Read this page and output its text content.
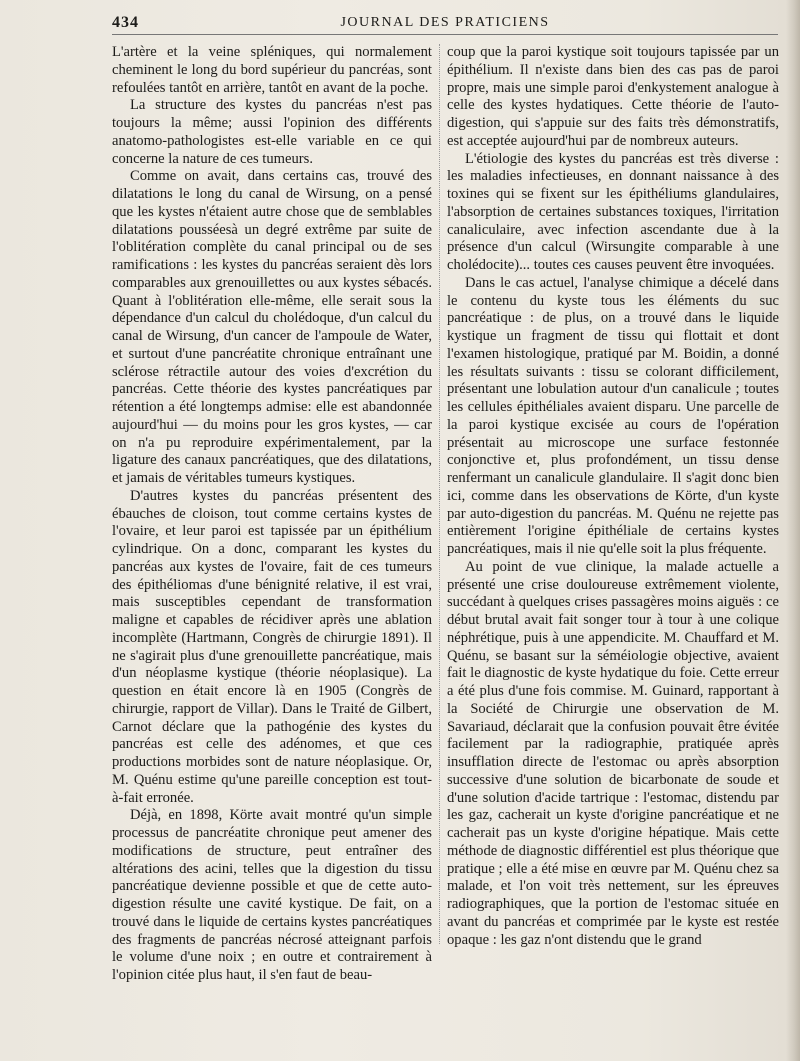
434	JOURNAL DES PRATICIENS

L'artère et la veine spléniques, qui normalement cheminent le long du bord supérieur du pancréas, sont refoulées tantôt en arrière, tantôt en avant de la poche.

La structure des kystes du pancréas n'est pas toujours la même; aussi l'opinion des différents anatomo-pathologistes est-elle variable en ce qui concerne la nature de ces tumeurs.

Comme on avait, dans certains cas, trouvé des dilatations le long du canal de Wirsung, on a pensé que les kystes n'étaient autre chose que de semblables dilatations pousséesà un degré extrême par suite de l'oblitération complète du canal principal ou de ses ramifications : les kystes du pancréas seraient dès lors comparables aux grenouillettes ou aux kystes sébacés. Quant à l'oblitération elle-même, elle serait sous la dépendance d'un calcul du cholédoque, d'un calcul du canal de Wirsung, d'un cancer de l'ampoule de Water, et surtout d'une pancréatite chronique entraînant une sclérose rétractile autour des voies d'excrétion du pancréas. Cette théorie des kystes pancréatiques par rétention a été longtemps admise: elle est abandonnée aujourd'hui — du moins pour les gros kystes, — car on n'a pu reproduire expérimentalement, par la ligature des canaux pancréatiques, que des dilatations, et jamais de véritables tumeurs kystiques.

D'autres kystes du pancréas présentent des ébauches de cloison, tout comme certains kystes de l'ovaire, et leur paroi est tapissée par un épithélium cylindrique. On a donc, comparant les kystes du pancréas aux kystes de l'ovaire, fait de ces tumeurs des épithéliomas d'une bénignité relative, il est vrai, mais susceptibles cependant de transformation maligne et capables de récidiver après une ablation incomplète (Hartmann, Congrès de chirurgie 1891). Il ne s'agirait plus d'une grenouillette pancréatique, mais d'un néoplasme kystique (théorie néoplasique). La question en était encore là en 1905 (Congrès de chirurgie, rapport de Villar). Dans le Traité de Gilbert, Carnot déclare que la pathogénie des kystes du pancréas est celle des adénomes, et que ces productions morbides sont de nature néoplasique. Or, M. Quénu estime qu'une pareille conception est tout-à-fait erronée.

Déjà, en 1898, Körte avait montré qu'un simple processus de pancréatite chronique peut amener des modifications de structure, peut entraîner des altérations des acini, telles que la digestion du tissu pancréatique devienne possible et que de cette auto-digestion résulte une cavité kystique. De fait, on a trouvé dans le liquide de certains kystes pancréatiques des fragments de pancréas nécrosé atteignant parfois le volume d'une noix ; en outre et contrairement à l'opinion citée plus haut, il s'en faut de beau-

coup que la paroi kystique soit toujours tapissée par un épithélium. Il n'existe dans bien des cas pas de paroi propre, mais une simple paroi d'enkystement analogue à celle des kystes hydatiques. Cette théorie de l'auto-digestion, qui s'appuie sur des faits très démonstratifs, est acceptée aujourd'hui par de nombreux auteurs.

L'étiologie des kystes du pancréas est très diverse : les maladies infectieuses, en donnant naissance à des toxines qui se fixent sur les épithéliums glandulaires, l'absorption de certaines substances toxiques, l'irritation canaliculaire, avec infection ascendante due à la présence d'un calcul (Wirsungite comparable à une cholédocite)... toutes ces causes peuvent être invoquées.

Dans le cas actuel, l'analyse chimique a décelé dans le contenu du kyste tous les éléments du suc pancréatique : de plus, on a trouvé dans le liquide kystique un fragment de tissu qui flottait et dont l'examen histologique, pratiqué par M. Boidin, a donné les résultats suivants : tissu se colorant difficilement, présentant une lobulation autour d'un canalicule ; toutes les cellules épithéliales avaient disparu. Une parcelle de la paroi kystique excisée au cours de l'opération présentait au microscope une surface festonnée conjonctive et, plus profondément, un tissu dense renfermant un canalicule glandulaire. Il s'agit donc bien ici, comme dans les observations de Körte, d'un kyste par auto-digestion du pancréas. M. Quénu ne rejette pas entièrement l'origine épithéliale de certains kystes pancréatiques, mais il nie qu'elle soit la plus fréquente.

Au point de vue clinique, la malade actuelle a présenté une crise douloureuse extrêmement violente, succédant à quelques crises passagères moins aiguës : ce début brutal avait fait songer tour à tour à une colique néphrétique, puis à une appendicite. M. Chauffard et M. Quénu, se basant sur la séméiologie objective, avaient fait le diagnostic de kyste hydatique du foie. Cette erreur a été plus d'une fois commise. M. Guinard, rapportant à la Société de Chirurgie une observation de M. Savariaud, déclarait que la confusion pouvait être évitée facilement par la radiographie, pratiquée après insufflation directe de l'estomac ou après absorption successive d'une solution de bicarbonate de soude et d'une solution d'acide tartrique : l'estomac, distendu par les gaz, cacherait un kyste d'origine pancréatique et ne cacherait pas un kyste d'origine hépatique. Mais cette méthode de diagnostic différentiel est plus théorique que pratique ; elle a été mise en œuvre par M. Quénu chez sa malade, et l'on voit très nettement, sur les épreuves radiographiques, que la portion de l'estomac située en avant du pancréas et comprimée par le kyste est restée opaque : les gaz n'ont distendu que le grand
